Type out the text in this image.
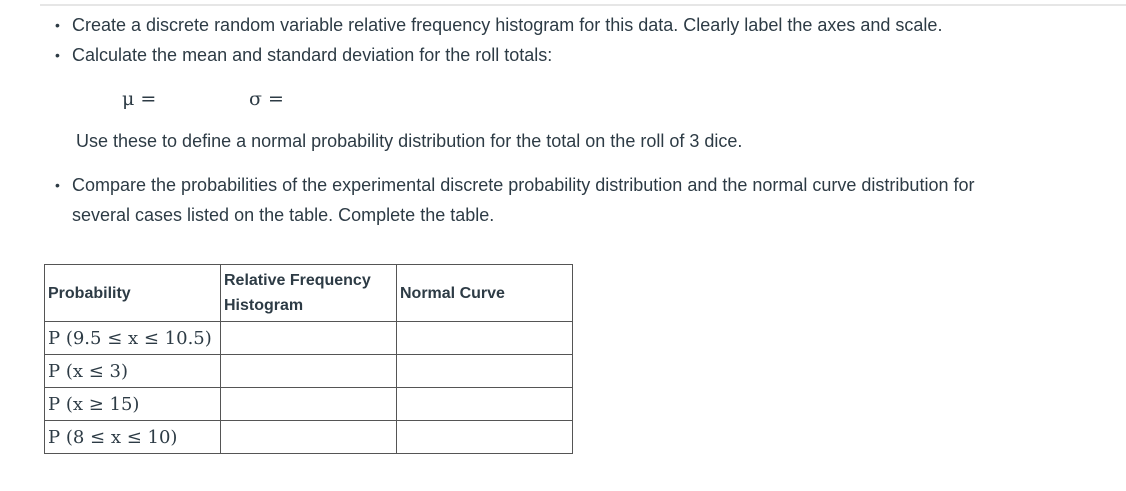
• Create a discrete random variable relative frequency histogram for this data. Clearly label the axes and scale.
• Calculate the mean and standard deviation for the roll totals:
μ =	σ =
Use these to define a normal probability distribution for the total on the roll of 3 dice.
• Compare the probabilities of the experimental discrete probability distribution and the normal curve distribution for
several cases listed on the table. Complete the table.
Probability	Relative Frequency Histogram	Normal Curve
P (9.5 ≤ x ≤ 10.5)		
P (x ≤ 3)		
P (x ≥ 15)		
P (8 ≤ x ≤ 10)		
